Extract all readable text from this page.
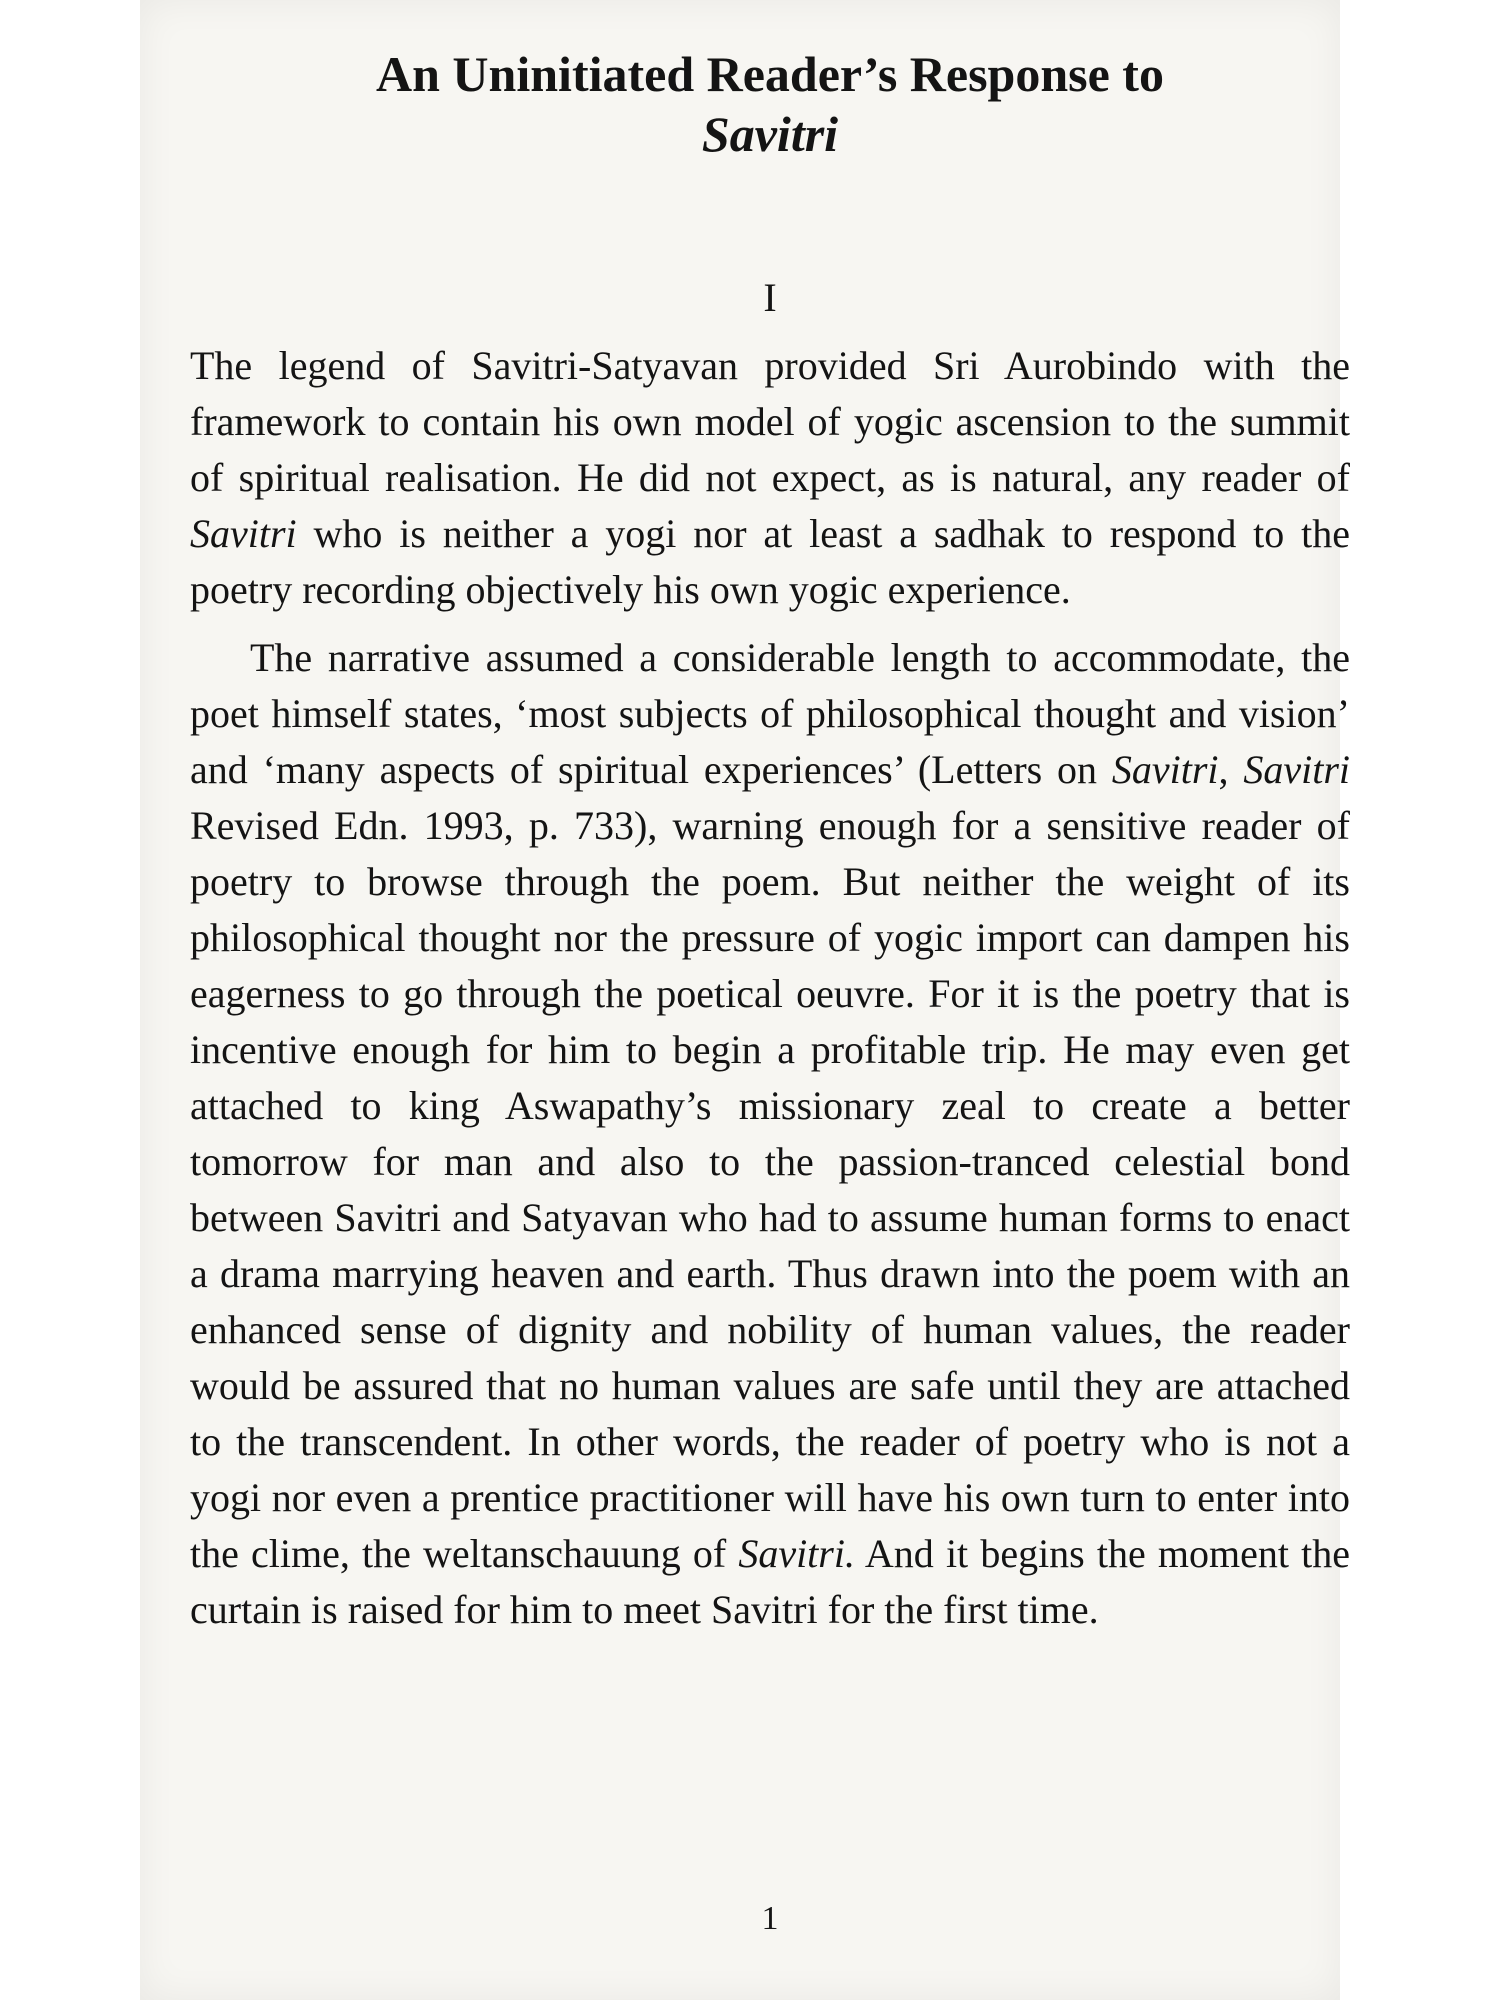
An Uninitiated Reader’s Response to
Savitri
I

The legend of Savitri-Satyavan provided Sri Aurobindo with the framework to contain his own model of yogic ascension to the summit of spiritual realisation. He did not expect, as is natural, any reader of Savitri who is neither a yogi nor at least a sadhak to respond to the poetry recording objectively his own yogic experience.

The narrative assumed a considerable length to accommodate, the poet himself states, ‘most subjects of philosophical thought and vision’ and ‘many aspects of spiritual experiences’ (Letters on Savitri, Savitri Revised Edn. 1993, p. 733), warning enough for a sensitive reader of poetry to browse through the poem. But neither the weight of its philosophical thought nor the pressure of yogic import can dampen his eagerness to go through the poetical oeuvre. For it is the poetry that is incentive enough for him to begin a profitable trip. He may even get attached to king Aswapathy’s missionary zeal to create a better tomorrow for man and also to the passion-tranced celestial bond between Savitri and Satyavan who had to assume human forms to enact a drama marrying heaven and earth. Thus drawn into the poem with an enhanced sense of dignity and nobility of human values, the reader would be assured that no human values are safe until they are attached to the transcendent. In other words, the reader of poetry who is not a yogi nor even a prentice practitioner will have his own turn to enter into the clime, the weltanschauung of Savitri. And it begins the moment the curtain is raised for him to meet Savitri for the first time.

1
